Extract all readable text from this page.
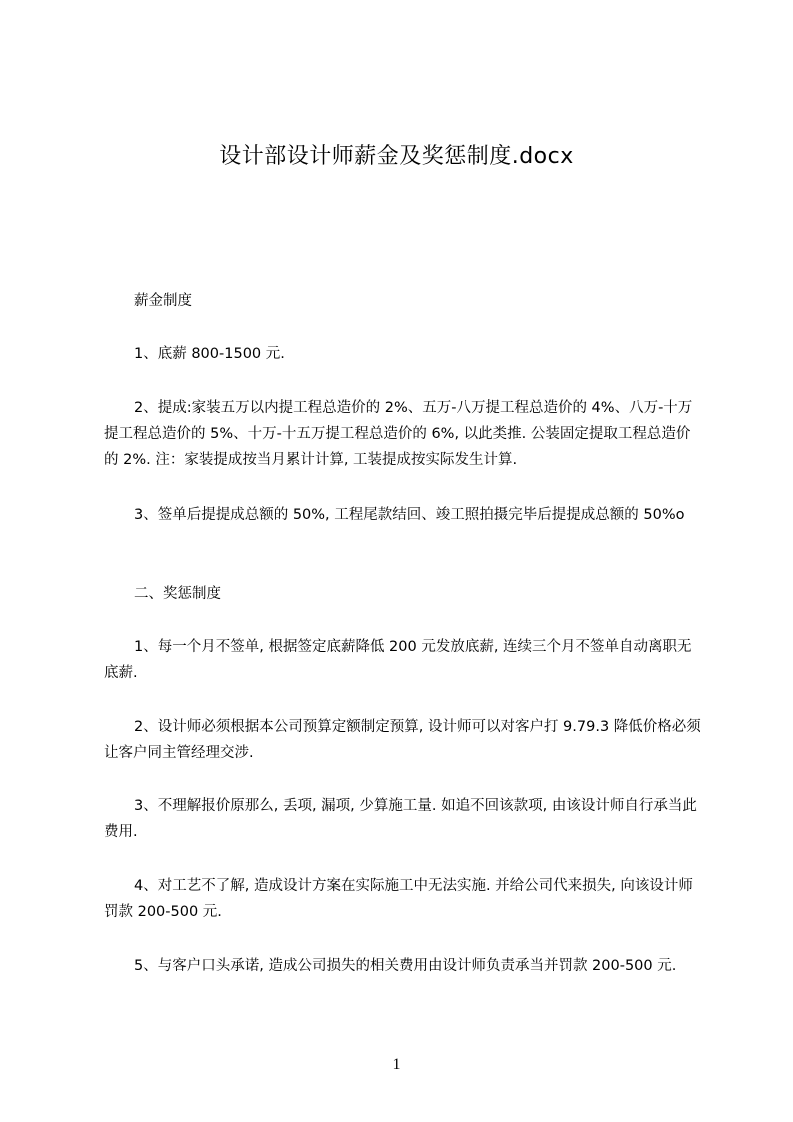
设计部设计师薪金及奖惩制度.docx
薪金制度
1、底薪 800-1500 元.
2、提成:家装五万以内提工程总造价的 2%、五万-八万提工程总造价的 4%、八万-十万提工程总造价的 5%、十万-十五万提工程总造价的 6%, 以此类推. 公装固定提取工程总造价的 2%. 注：家装提成按当月累计计算, 工装提成按实际发生计算.
3、签单后提提成总额的 50%, 工程尾款结回、竣工照拍摄完毕后提提成总额的 50%o
二、奖惩制度
1、每一个月不签单, 根据签定底薪降低 200 元发放底薪, 连续三个月不签单自动离职无底薪.
2、设计师必须根据本公司预算定额制定预算, 设计师可以对客户打 9.79.3 降低价格必须让客户同主管经理交涉.
3、不理解报价原那么, 丢项, 漏项, 少算施工量. 如追不回该款项, 由该设计师自行承当此费用.
4、对工艺不了解, 造成设计方案在实际施工中无法实施. 并给公司代来损失, 向该设计师罚款 200-500 元.
5、与客户口头承诺, 造成公司损失的相关费用由设计师负责承当并罚款 200-500 元.
1
